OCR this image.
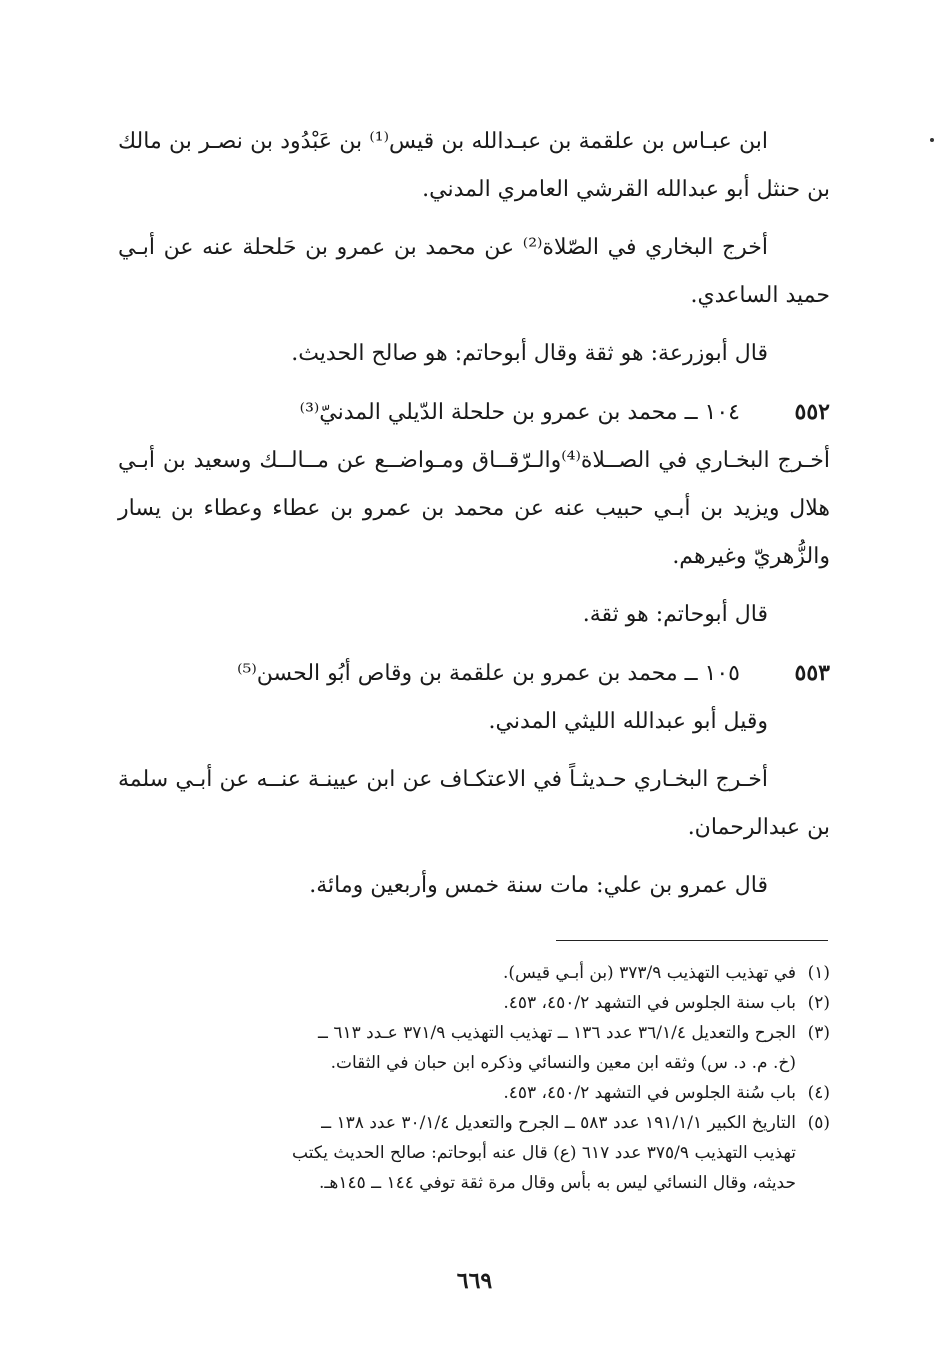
ابن عبـاس بن علقمة بن عبـدالله بن قيس⁽¹⁾ بن عَبْدُود بن نصـر بن مالك بن حنثل أبو عبدالله القرشي العامري المدني.

أخرج البخاري في الصّلاة⁽²⁾ عن محمد بن عمرو بن حَلحلة عنه عن أبـي حميد الساعدي.

قال أبوزرعة: هو ثقة وقال أبوحاتم: هو صالح الحديث.

٥٥٢
١٠٤ ــ محمد بن عمرو بن حلحلة الدّيلي المدنيّ⁽³⁾

أخـرج البخـاري في الصــلاة⁽⁴⁾والـرّقــاق ومـواضــع عن مــالــك وسعيد بن أبـي هلال ويزيد بن أبـي حبيب عنه عن محمد بن عمرو بن عطاء وعطاء بن يسار والزُّهريّ وغيرهم.

قال أبوحاتم: هو ثقة.

٥٥٣
١٠٥ ــ محمد بن عمرو بن علقمة بن وقاص أبُو الحسن⁽⁵⁾
وقيل أبو عبدالله الليثي المدني.

أخـرج البخـاري حـديثـاً في الاعتكـاف عن ابن عيينـة عنــه عن أبـي سلمة بن عبدالرحمان.

قال عمرو بن علي: مات سنة خمس وأربعين ومائة.

(١)
في تهذيب التهذيب ٣٧٣/٩ (بن أبـي قيس).
(٢)
باب سنة الجلوس في التشهد ٤٥٠/٢، ٤٥٣.
(٣)
الجرح والتعديل ٣٦/١/٤ عدد ١٣٦ ــ تهذيب التهذيب ٣٧١/٩ عـدد ٦١٣ ــ
(خ. م. د. س) وثقه ابن معين والنسائي وذكره ابن حبان في الثقات.
(٤)
باب سُنة الجلوس في التشهد ٤٥٠/٢، ٤٥٣.
(٥)
التاريخ الكبير ١٩١/١/١ عدد ٥٨٣ ــ الجرح والتعديل ٣٠/١/٤ عدد ١٣٨ ــ
تهذيب التهذيب ٣٧٥/٩ عدد ٦١٧ (ع) قال عنه أبوحاتم: صالح الحديث يكتب
حديثه، وقال النسائي ليس به بأس وقال مرة ثقة توفي ١٤٤ ــ ١٤٥هـ.
٦٦٩
